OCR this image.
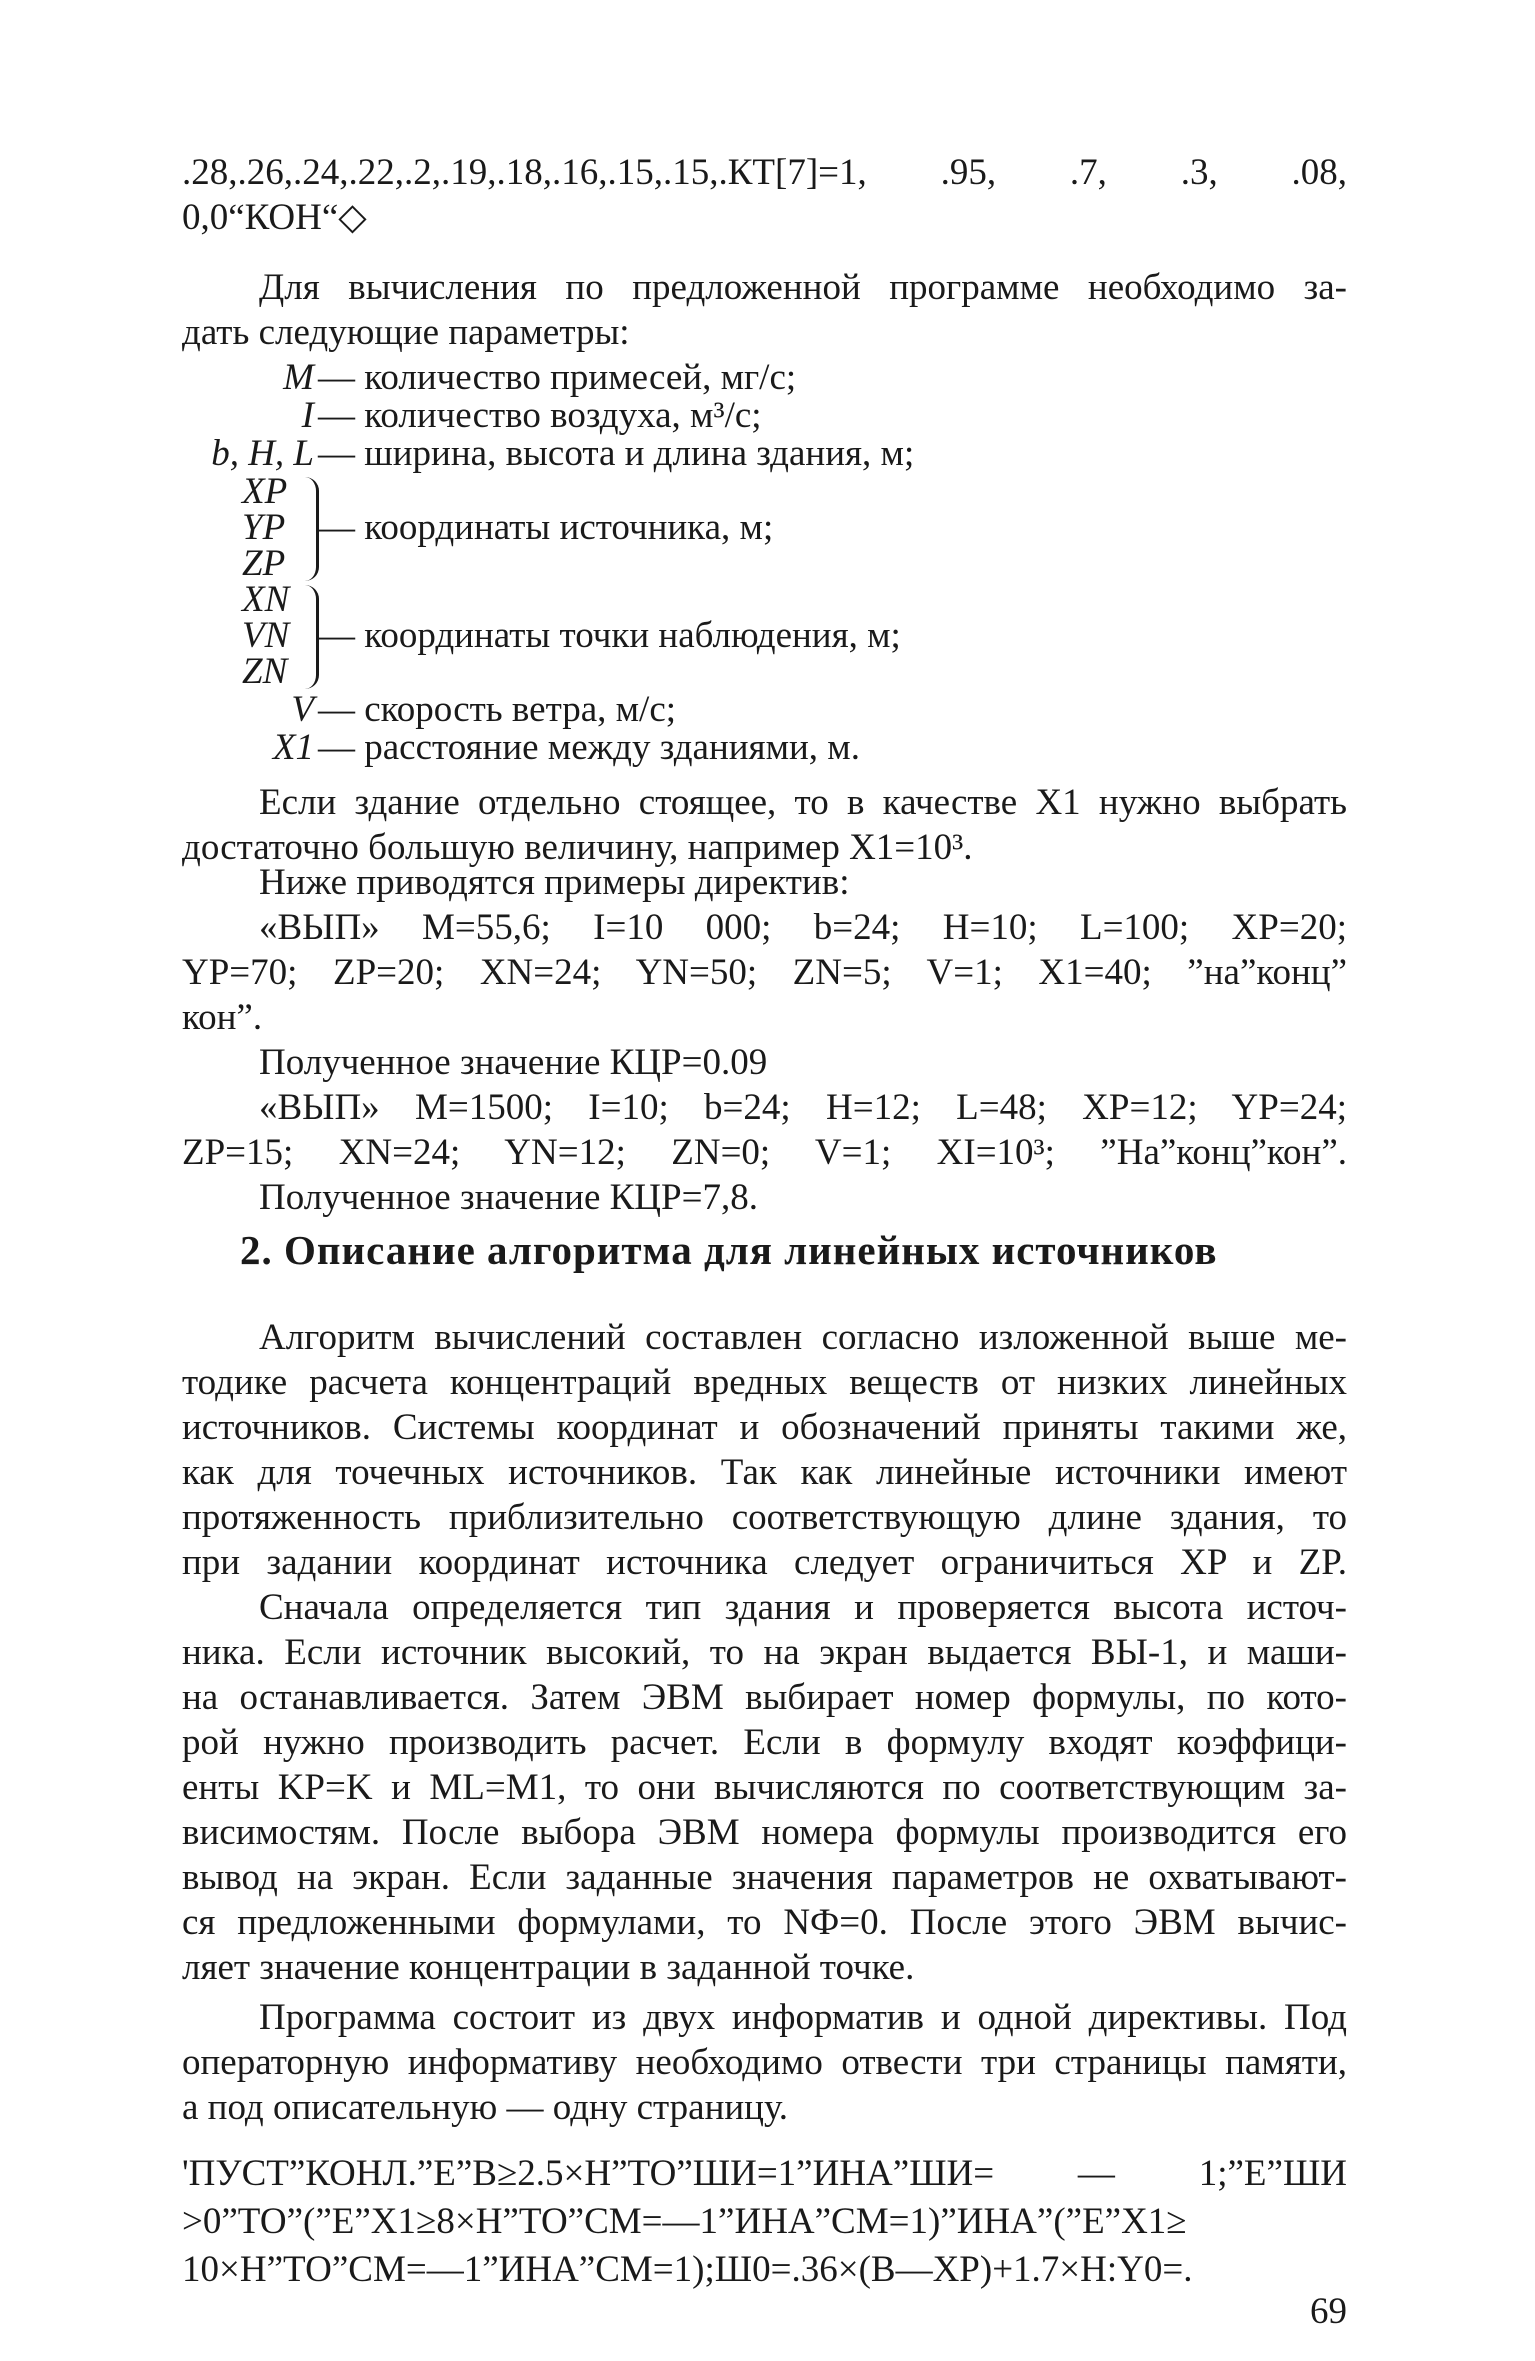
.28,.26,.24,.22,.2,.19,.18,.16,.15,.15,.КТ[7]=1, .95, .7, .3, .08,
0,0“КОН“◇
Для вычисления по предложенной программе необходимо за-
дать следующие параметры:
M — количество примесей, мг/с;
I — количество воздуха, м³/с;
b, H, L — ширина, высота и длина здания, м;
XP
YP — координаты источника, м;
ZP
XN
VN — координаты точки наблюдения, м;
ZN
V — скорость ветра, м/с;
X1 — расстояние между зданиями, м.
Если здание отдельно стоящее, то в качестве X1 нужно выбрать
достаточно большую величину, например X1=10³.
Ниже приводятся примеры директив:
«ВЫП» M=55,6; I=10 000; b=24; H=10; L=100; XP=20;
YP=70; ZP=20; XN=24; YN=50; ZN=5; V=1; X1=40; ”на”конц”
кон”.
Полученное значение КЦР=0.09
«ВЫП» M=1500; I=10; b=24; H=12; L=48; XP=12; YP=24;
ZP=15; XN=24; YN=12; ZN=0; V=1; XI=10³; ”На”конц”кон”.
Полученное значение КЦР=7,8.
2. Описание алгоритма для линейных источников
Алгоритм вычислений составлен согласно изложенной выше ме-
тодике расчета концентраций вредных веществ от низких линейных
источников. Системы координат и обозначений приняты такими же,
как для точечных источников. Так как линейные источники имеют
протяженность приблизительно соответствующую длине здания, то
при задании координат источника следует ограничиться XP и ZP.
Сначала определяется тип здания и проверяется высота источ-
ника. Если источник высокий, то на экран выдается ВЫ-1, и маши-
на останавливается. Затем ЭВМ выбирает номер формулы, по кото-
рой нужно производить расчет. Если в формулу входят коэффици-
енты KP=K и ML=M1, то они вычисляются по соответствующим за-
висимостям. После выбора ЭВМ номера формулы производится его
вывод на экран. Если заданные значения параметров не охватывают-
ся предложенными формулами, то NФ=0. После этого ЭВМ вычис-
ляет значение концентрации в заданной точке.
Программа состоит из двух информатив и одной директивы. Под
операторную информативу необходимо отвести три страницы памяти,
а под описательную — одну страницу.
'ПУСТ”КОНЛ.”Е”В≥2.5×Н”ТО”ШИ=1”ИНА”ШИ= — 1;”Е”ШИ
>0”ТО”(”Е”X1≥8×Н”ТО”СМ=—1”ИНА”СМ=1)”ИНА”(”Е”X1≥
10×Н”ТО”СМ=—1”ИНА”СМ=1);Ш0=.36×(В—ХР)+1.7×Н:Y0=.
69
